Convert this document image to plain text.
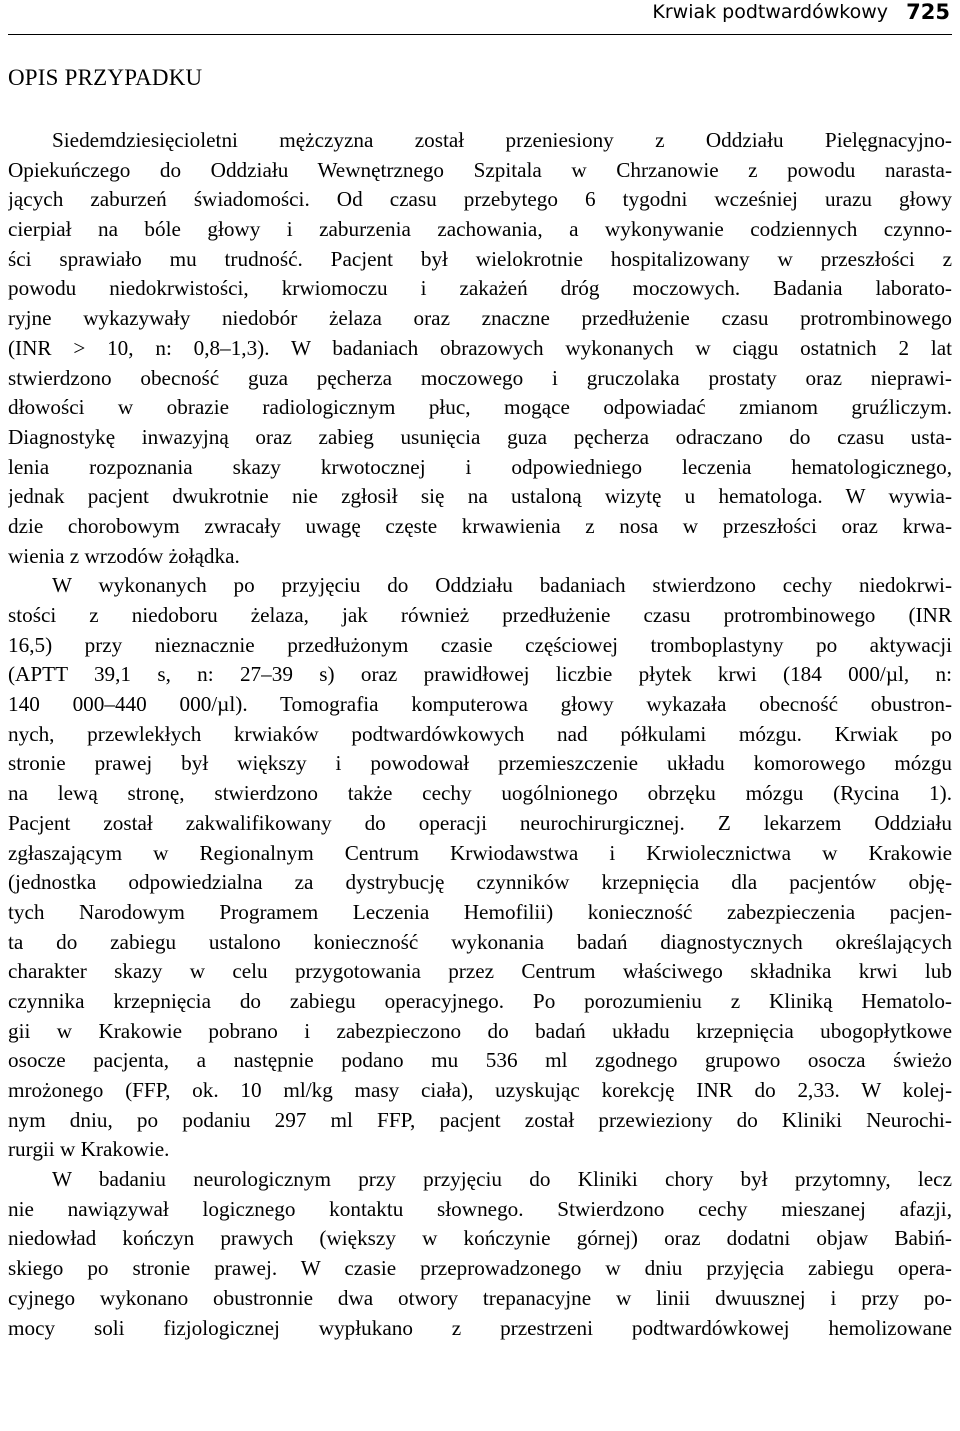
Krwiak podtwardówkowy 725
OPIS PRZYPADKU
Siedemdziesięcioletni mężczyzna został przeniesiony z Oddziału Pielęgnacyjno-
Opiekuńczego do Oddziału Wewnętrznego Szpitala w Chrzanowie z powodu narasta-
jących zaburzeń świadomości. Od czasu przebytego 6 tygodni wcześniej urazu głowy
cierpiał na bóle głowy i zaburzenia zachowania, a wykonywanie codziennych czynno-
ści sprawiało mu trudność. Pacjent był wielokrotnie hospitalizowany w przeszłości z
powodu niedokrwistości, krwiomoczu i zakażeń dróg moczowych. Badania laborato-
ryjne wykazywały niedobór żelaza oraz znaczne przedłużenie czasu protrombinowego
(INR > 10, n: 0,8–1,3). W badaniach obrazowych wykonanych w ciągu ostatnich 2 lat
stwierdzono obecność guza pęcherza moczowego i gruczolaka prostaty oraz nieprawi-
dłowości w obrazie radiologicznym płuc, mogące odpowiadać zmianom gruźliczym.
Diagnostykę inwazyjną oraz zabieg usunięcia guza pęcherza odraczano do czasu usta-
lenia rozpoznania skazy krwotocznej i odpowiedniego leczenia hematologicznego,
jednak pacjent dwukrotnie nie zgłosił się na ustaloną wizytę u hematologa. W wywia-
dzie chorobowym zwracały uwagę częste krwawienia z nosa w przeszłości oraz krwa-
wienia z wrzodów żołądka.
W wykonanych po przyjęciu do Oddziału badaniach stwierdzono cechy niedokrwi-
stości z niedoboru żelaza, jak również przedłużenie czasu protrombinowego (INR
16,5) przy nieznacznie przedłużonym czasie częściowej tromboplastyny po aktywacji
(APTT 39,1 s, n: 27–39 s) oraz prawidłowej liczbie płytek krwi (184 000/µl, n:
140 000–440 000/µl). Tomografia komputerowa głowy wykazała obecność obustron-
nych, przewlekłych krwiaków podtwardówkowych nad półkulami mózgu. Krwiak po
stronie prawej był większy i powodował przemieszczenie układu komorowego mózgu
na lewą stronę, stwierdzono także cechy uogólnionego obrzęku mózgu (Rycina 1).
Pacjent został zakwalifikowany do operacji neurochirurgicznej. Z lekarzem Oddziału
zgłaszającym w Regionalnym Centrum Krwiodawstwa i Krwiolecznictwa w Krakowie
(jednostka odpowiedzialna za dystrybucję czynników krzepnięcia dla pacjentów obję-
tych Narodowym Programem Leczenia Hemofilii) konieczność zabezpieczenia pacjen-
ta do zabiegu ustalono konieczność wykonania badań diagnostycznych określających
charakter skazy w celu przygotowania przez Centrum właściwego składnika krwi lub
czynnika krzepnięcia do zabiegu operacyjnego. Po porozumieniu z Kliniką Hematolo-
gii w Krakowie pobrano i zabezpieczono do badań układu krzepnięcia ubogopłytkowe
osocze pacjenta, a następnie podano mu 536 ml zgodnego grupowo osocza świeżo
mrożonego (FFP, ok. 10 ml/kg masy ciała), uzyskując korekcję INR do 2,33. W kolej-
nym dniu, po podaniu 297 ml FFP, pacjent został przewieziony do Kliniki Neurochi-
rurgii w Krakowie.
W badaniu neurologicznym przy przyjęciu do Kliniki chory był przytomny, lecz
nie nawiązywał logicznego kontaktu słownego. Stwierdzono cechy mieszanej afazji,
niedowład kończyn prawych (większy w kończynie górnej) oraz dodatni objaw Babiń-
skiego po stronie prawej. W czasie przeprowadzonego w dniu przyjęcia zabiegu opera-
cyjnego wykonano obustronnie dwa otwory trepanacyjne w linii dwuusznej i przy po-
mocy soli fizjologicznej wypłukano z przestrzeni podtwardówkowej hemolizowane
